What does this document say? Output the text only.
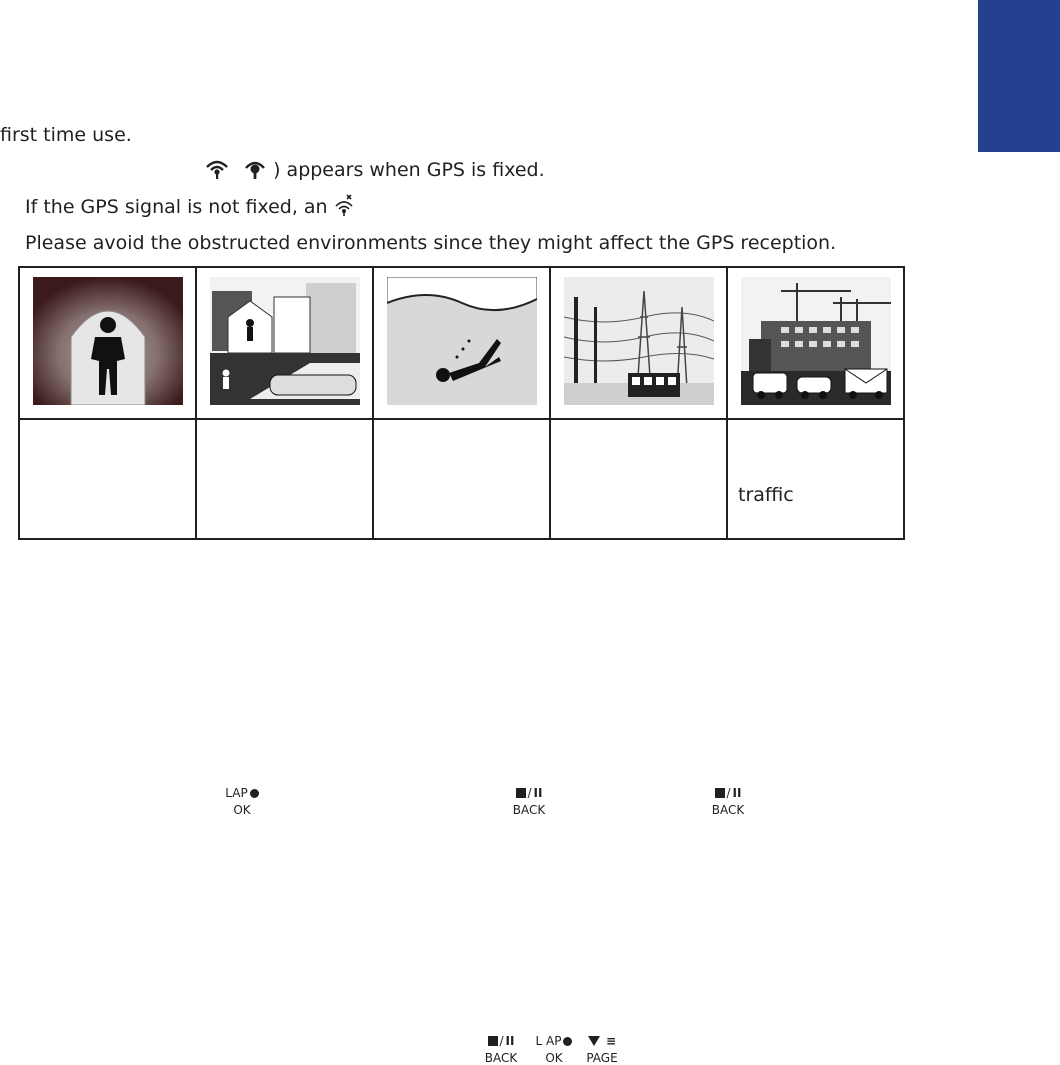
first time use.
) appears when GPS is fixed.
If the GPS signal is not fixed, an
Please avoid the obstructed environments since they might affect the GPS reception.

				traffic
LAP
OK
/ II
BACK
/ II
BACK
/ II
BACK
L AP
OK
≡
PAGE
